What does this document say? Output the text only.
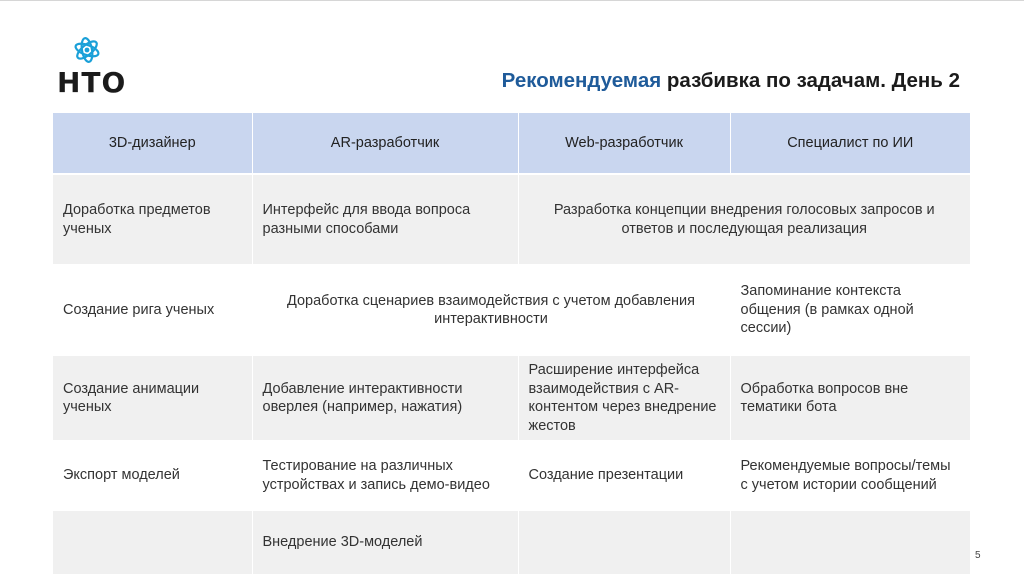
НТО	Рекомендуемая разбивка по задачам. День 2
3D-дизайнер	AR-разработчик	Web-разработчик	Специалист по ИИ
Доработка предметов ученых	Интерфейс для ввода вопроса разными способами	Разработка концепции внедрения голосовых запросов и ответов и последующая реализация	
Создание рига ученых	Доработка сценариев взаимодействия с учетом добавления интерактивности		Запоминание контекста общения (в рамках одной сессии)
Создание анимации ученых	Добавление интерактивности оверлея (например, нажатия)	Расширение интерфейса взаимодействия с AR-контентом через внедрение жестов	Обработка вопросов вне тематики бота
Экспорт моделей	Тестирование на различных устройствах и запись демо-видео	Создание презентации	Рекомендуемые вопросы/темы с учетом истории сообщений
	Внедрение 3D-моделей		
5
